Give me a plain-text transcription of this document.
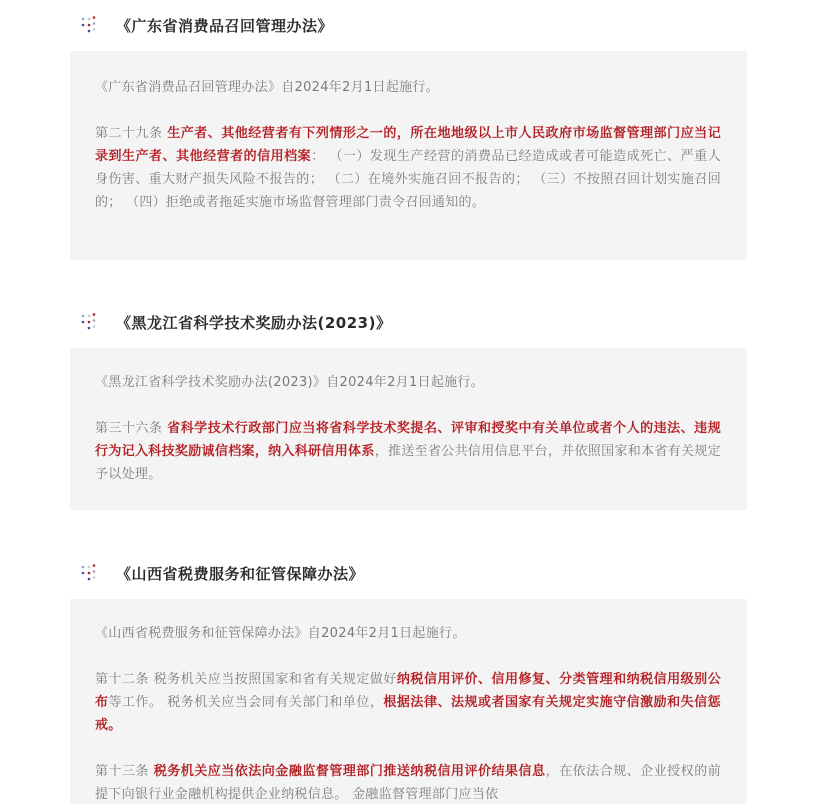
《广东省消费品召回管理办法》

《广东省消费品召回管理办法》自2024年2月1日起施行。

第二十九条 生产者、其他经营者有下列情形之一的，所在地地级以上市人民政府市场监督管理部门应当记录到生产者、其他经营者的信用档案： （一）发现生产经营的消费品已经造成或者可能造成死亡、严重人身伤害、重大财产损失风险不报告的； （二）在境外实施召回不报告的； （三）不按照召回计划实施召回的； （四）拒绝或者拖延实施市场监督管理部门责令召回通知的。

《黑龙江省科学技术奖励办法(2023)》

《黑龙江省科学技术奖励办法(2023)》自2024年2月1日起施行。

第三十六条 省科学技术行政部门应当将省科学技术奖提名、评审和授奖中有关单位或者个人的违法、违规行为记入科技奖励诚信档案，纳入科研信用体系，推送至省公共信用信息平台，并依照国家和本省有关规定予以处理。

《山西省税费服务和征管保障办法》

《山西省税费服务和征管保障办法》自2024年2月1日起施行。

第十二条 税务机关应当按照国家和省有关规定做好纳税信用评价、信用修复、分类管理和纳税信用级别公布等工作。 税务机关应当会同有关部门和单位，根据法律、法规或者国家有关规定实施守信激励和失信惩戒。

第十三条 税务机关应当依法向金融监督管理部门推送纳税信用评价结果信息，在依法合规、企业授权的前提下向银行业金融机构提供企业纳税信息。 金融监督管理部门应当依
